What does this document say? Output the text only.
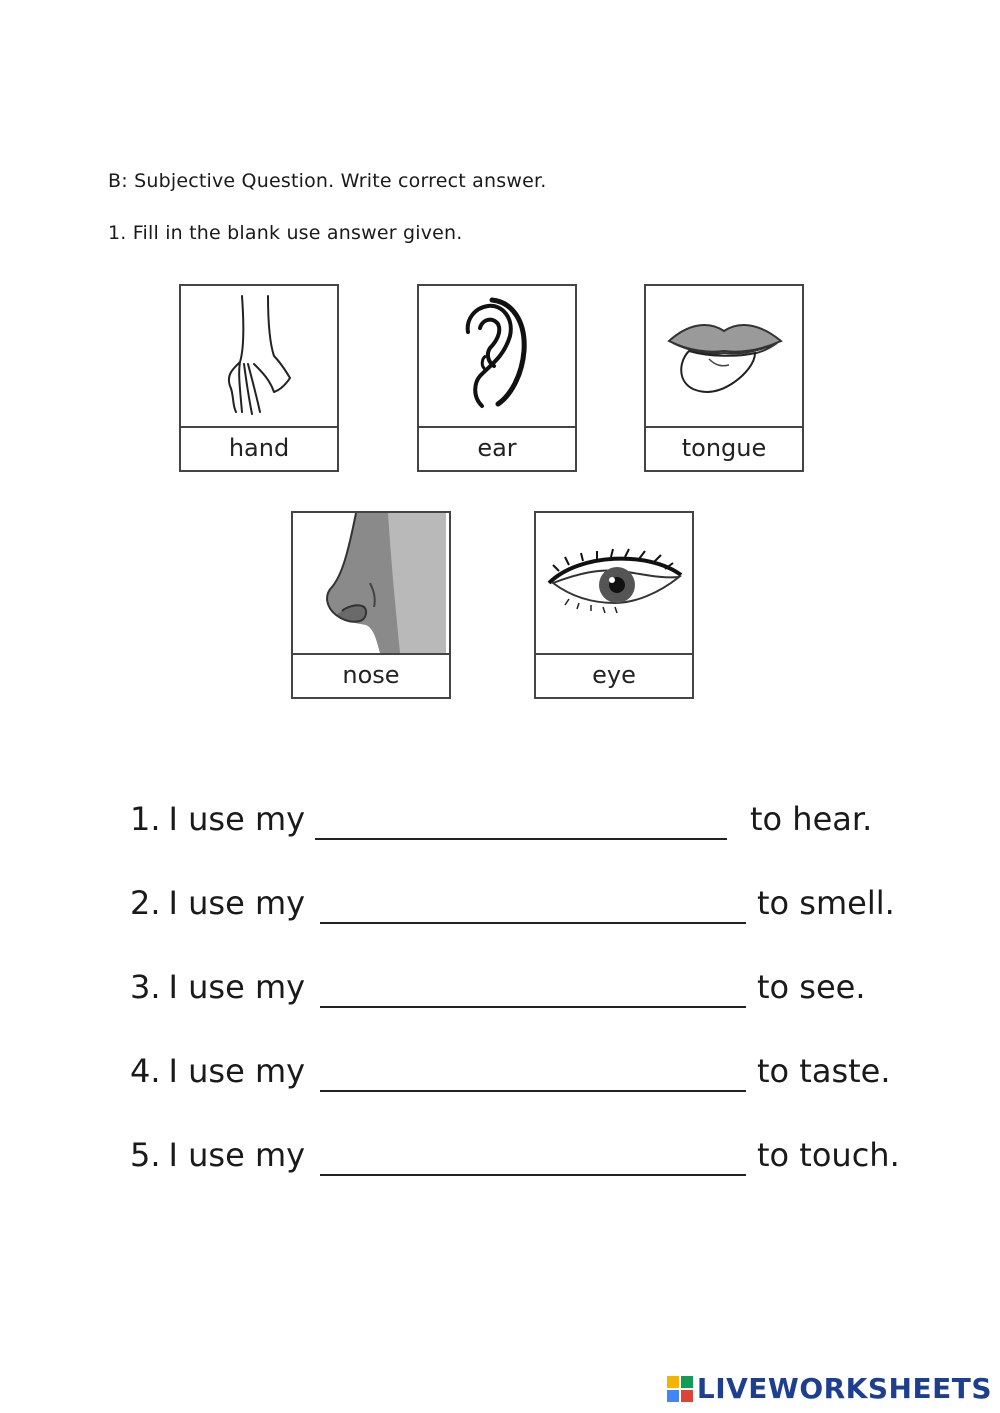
B: Subjective Question. Write correct answer.
1. Fill in the blank use answer given.
hand	ear	tongue
nose	eye
1. I use my	to hear.
2. I use my	to smell.
3. I use my	to see.
4. I use my	to taste.
5. I use my	to touch.
LIVEWORKSHEETS
